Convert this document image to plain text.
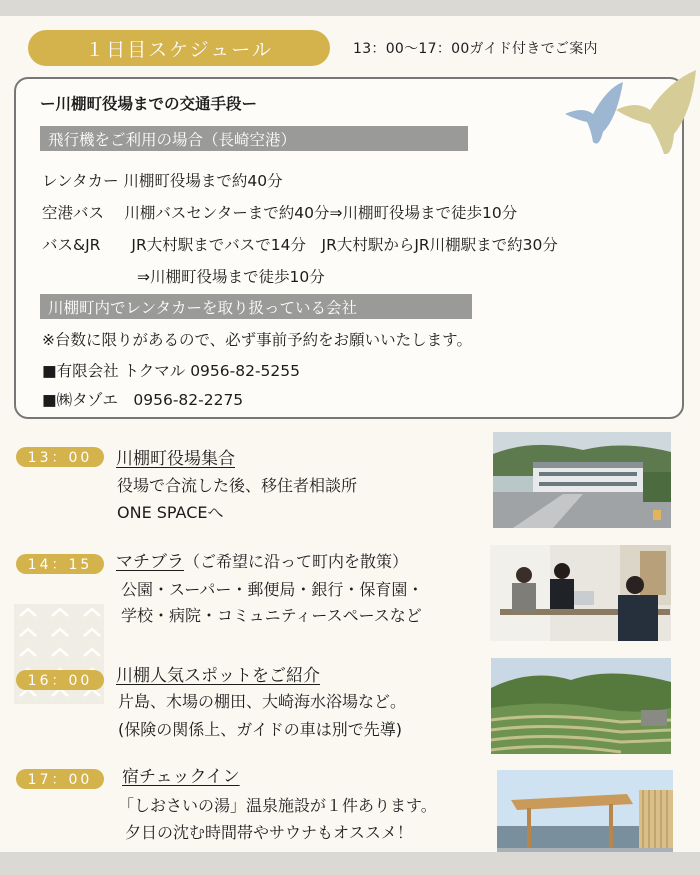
１日目スケジュール	13：00〜17：00ガイド付きでご案内
ー川棚町役場までの交通手段ー
飛行機をご利用の場合（長崎空港）
レンタカー 川棚町役場まで約40分
空港バス　 川棚バスセンターまで約40分⇒川棚町役場まで徒歩10分
バス&JR　　JR大村駅までバスで14分　JR大村駅からJR川棚駅まで約30分
⇒川棚町役場まで徒歩10分
川棚町内でレンタカーを取り扱っている会社
※台数に限りがあるので、必ず事前予約をお願いいたします。
■有限会社 トクマル 0956-82-5255
■㈱タゾエ　0956-82-2275
13：00	川棚町役場集合
役場で合流した後、移住者相談所
ONE SPACEへ
14：15	マチブラ（ご希望に沿って町内を散策）
公園・スーパー・郵便局・銀行・保育園・
学校・病院・コミュニティースペースなど
16：00	川棚人気スポットをご紹介
片島、木場の棚田、大崎海水浴場など。
(保険の関係上、ガイドの車は別で先導)
17：00	宿チェックイン
「しおさいの湯」温泉施設が１件あります。
夕日の沈む時間帯やサウナもオススメ！
